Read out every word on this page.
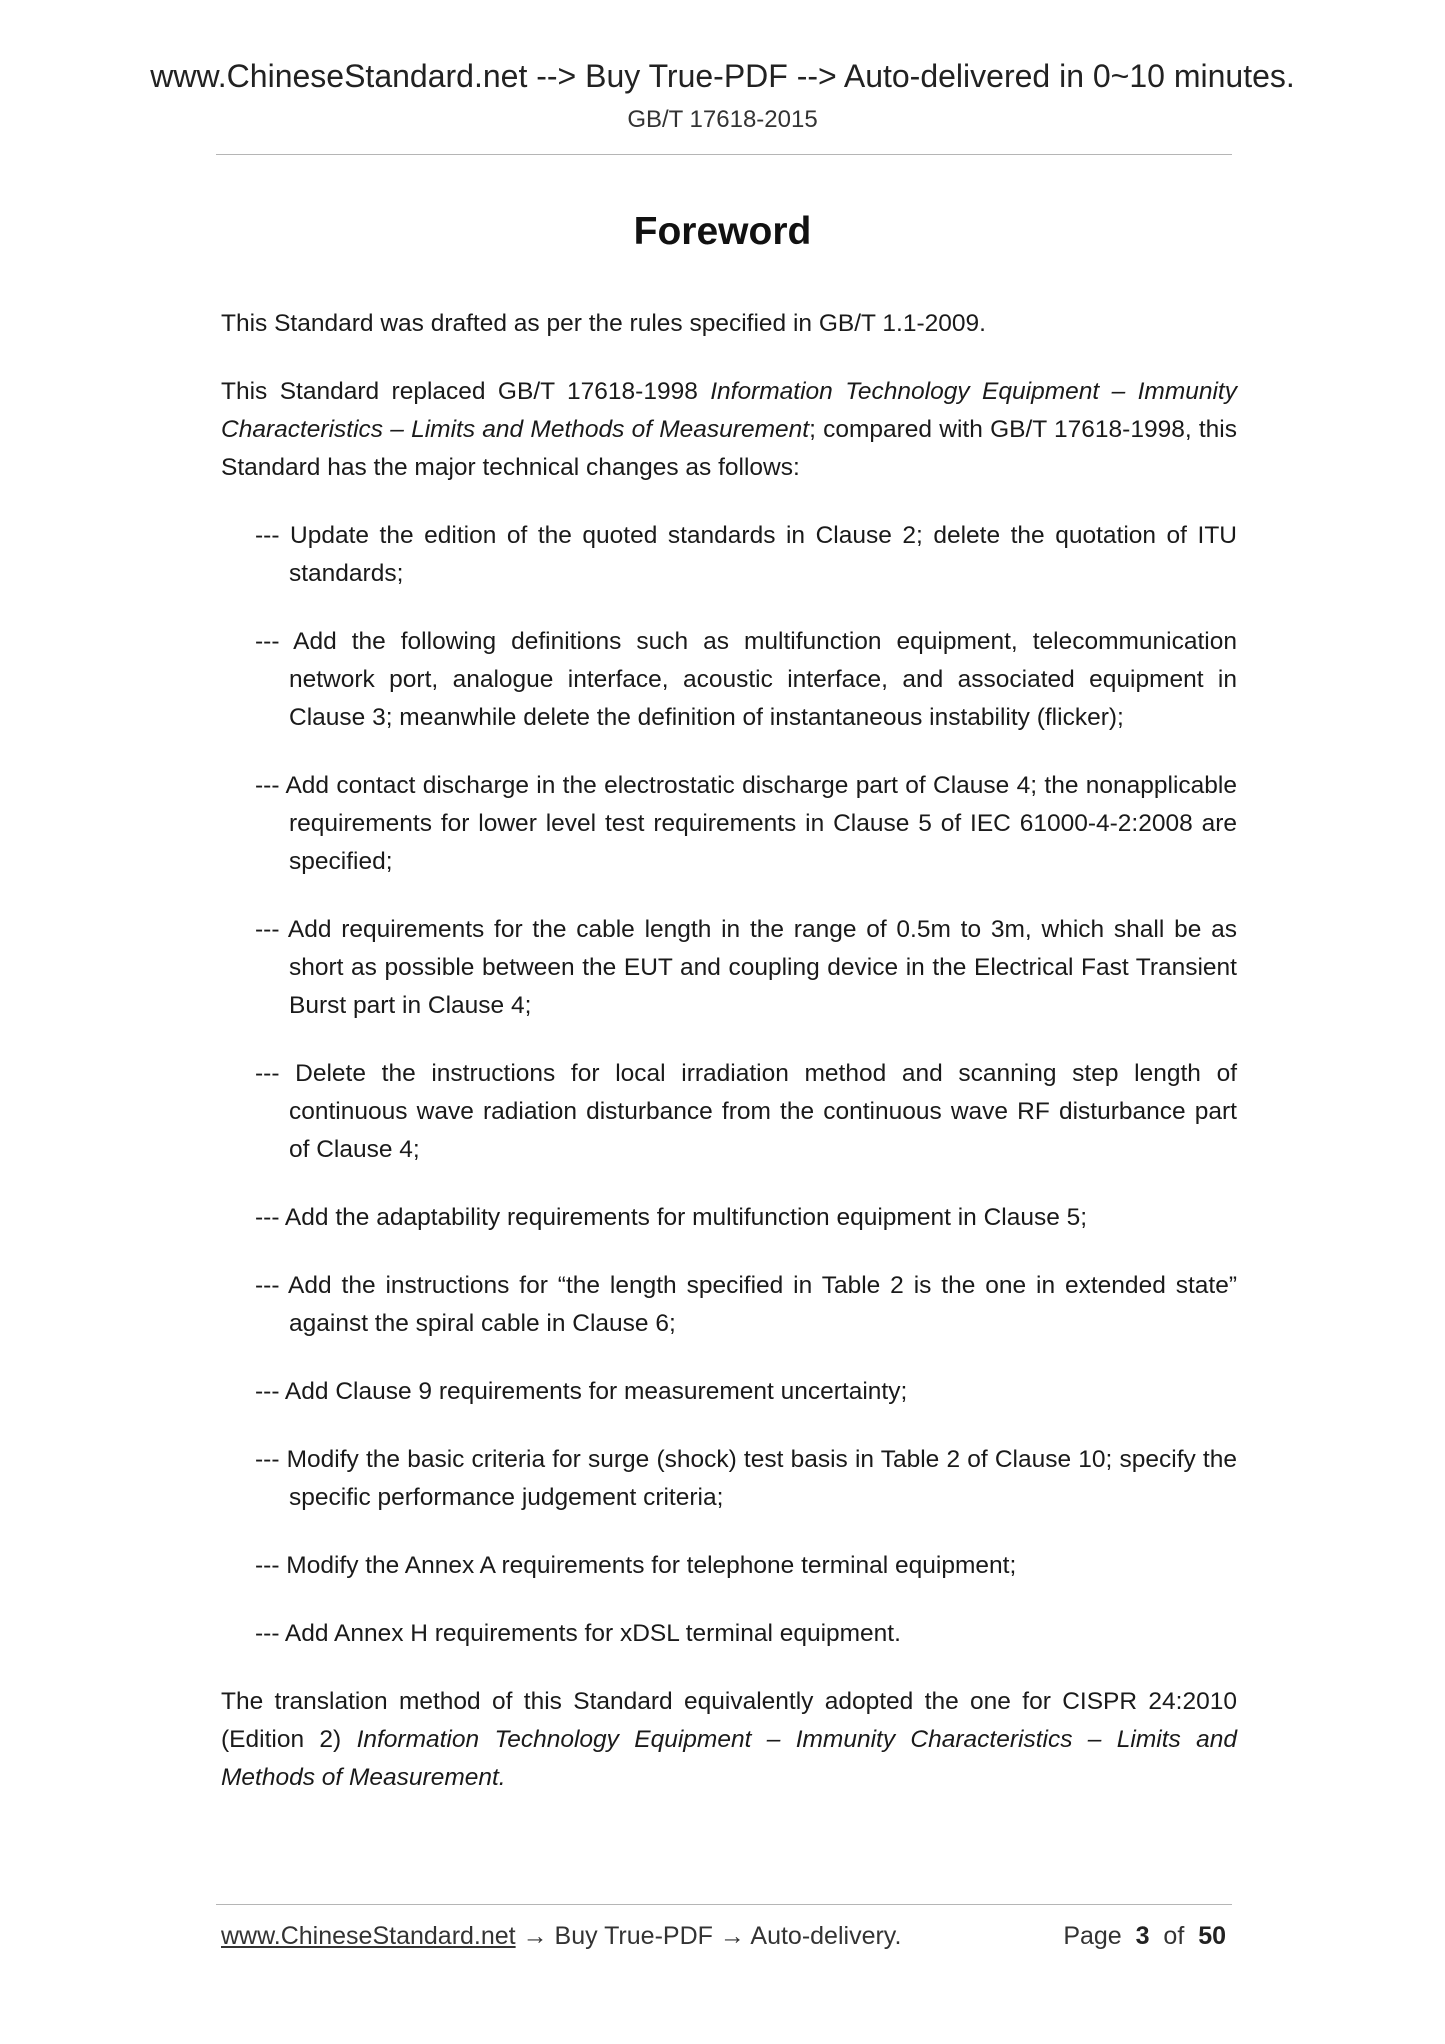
www.ChineseStandard.net --> Buy True-PDF --> Auto-delivered in 0~10 minutes.
GB/T 17618-2015
Foreword

This Standard was drafted as per the rules specified in GB/T 1.1-2009.

This Standard replaced GB/T 17618-1998 Information Technology Equipment – Immunity Characteristics – Limits and Methods of Measurement; compared with GB/T 17618-1998, this Standard has the major technical changes as follows:

--- Update the edition of the quoted standards in Clause 2; delete the quotation of ITU standards;

--- Add the following definitions such as multifunction equipment, telecommunication network port, analogue interface, acoustic interface, and associated equipment in Clause 3; meanwhile delete the definition of instantaneous instability (flicker);

--- Add contact discharge in the electrostatic discharge part of Clause 4; the nonapplicable requirements for lower level test requirements in Clause 5 of IEC 61000-4-2:2008 are specified;

--- Add requirements for the cable length in the range of 0.5m to 3m, which shall be as short as possible between the EUT and coupling device in the Electrical Fast Transient Burst part in Clause 4;

--- Delete the instructions for local irradiation method and scanning step length of continuous wave radiation disturbance from the continuous wave RF disturbance part of Clause 4;

--- Add the adaptability requirements for multifunction equipment in Clause 5;

--- Add the instructions for “the length specified in Table 2 is the one in extended state” against the spiral cable in Clause 6;

--- Add Clause 9 requirements for measurement uncertainty;

--- Modify the basic criteria for surge (shock) test basis in Table 2 of Clause 10; specify the specific performance judgement criteria;

--- Modify the Annex A requirements for telephone terminal equipment;

--- Add Annex H requirements for xDSL terminal equipment.

The translation method of this Standard equivalently adopted the one for CISPR 24:2010 (Edition 2) Information Technology Equipment – Immunity Characteristics – Limits and Methods of Measurement.

www.ChineseStandard.net → Buy True-PDF → Auto-delivery.	Page 3 of 50
